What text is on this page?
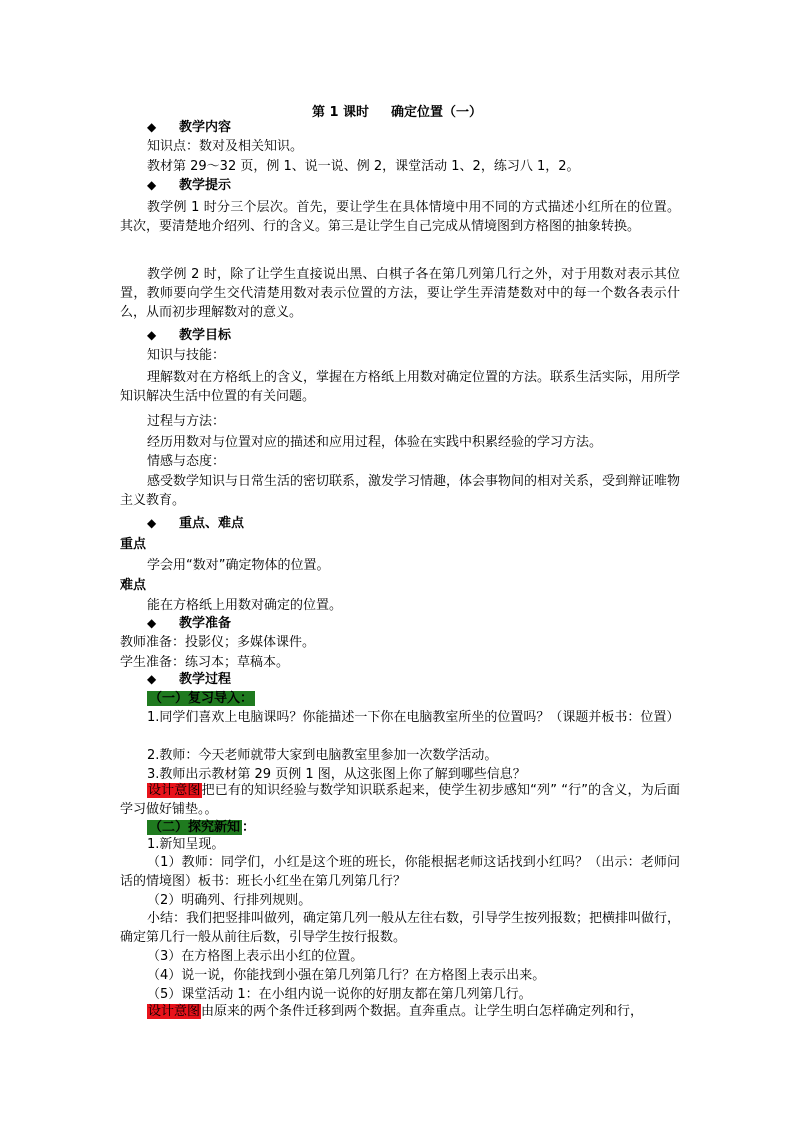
第 1 课时 确定位置（一）
◆ 教学内容
知识点：数对及相关知识。
教材第 29～32 页，例 1、说一说、例 2，课堂活动 1、2，练习八 1，2。
◆ 教学提示
教学例 1 时分三个层次。首先，要让学生在具体情境中用不同的方式描述小红所在的位置。其次，要清楚地介绍列、行的含义。第三是让学生自己完成从情境图到方格图的抽象转换。
教学例 2 时，除了让学生直接说出黑、白棋子各在第几列第几行之外，对于用数对表示其位置，教师要向学生交代清楚用数对表示位置的方法，要让学生弄清楚数对中的每一个数各表示什么，从而初步理解数对的意义。
◆ 教学目标
知识与技能：
理解数对在方格纸上的含义，掌握在方格纸上用数对确定位置的方法。联系生活实际，用所学知识解决生活中位置的有关问题。
过程与方法：
经历用数对与位置对应的描述和应用过程，体验在实践中积累经验的学习方法。
情感与态度：
感受数学知识与日常生活的密切联系，激发学习情趣，体会事物间的相对关系，受到辩证唯物主义教育。
◆ 重点、难点
重点
学会用“数对”确定物体的位置。
难点
能在方格纸上用数对确定的位置。
◆ 教学准备
教师准备：投影仪；多媒体课件。
学生准备：练习本；草稿本。
◆ 教学过程
（一）复习导入：
1.同学们喜欢上电脑课吗？你能描述一下你在电脑教室所坐的位置吗？（课题并板书：位置）
2.教师：今天老师就带大家到电脑教室里参加一次数学活动。
3.教师出示教材第 29 页例 1 图，从这张图上你了解到哪些信息？
设计意图把已有的知识经验与数学知识联系起来，使学生初步感知“列” “行”的含义，为后面学习做好铺垫。。
（二）探究新知 ：
1.新知呈现。
（1）教师：同学们，小红是这个班的班长，你能根据老师这话找到小红吗？（出示：老师问话的情境图）板书：班长小红坐在第几列第几行？
（2）明确列、行排列规则。
小结：我们把竖排叫做列，确定第几列一般从左往右数，引导学生按列报数；把横排叫做行，确定第几行一般从前往后数，引导学生按行报数。
（3）在方格图上表示出小红的位置。
（4）说一说，你能找到小强在第几列第几行？在方格图上表示出来。
（5）课堂活动 1：在小组内说一说你的好朋友都在第几列第几行。
设计意图由原来的两个条件迁移到两个数据。直奔重点。让学生明白怎样确定列和行，
